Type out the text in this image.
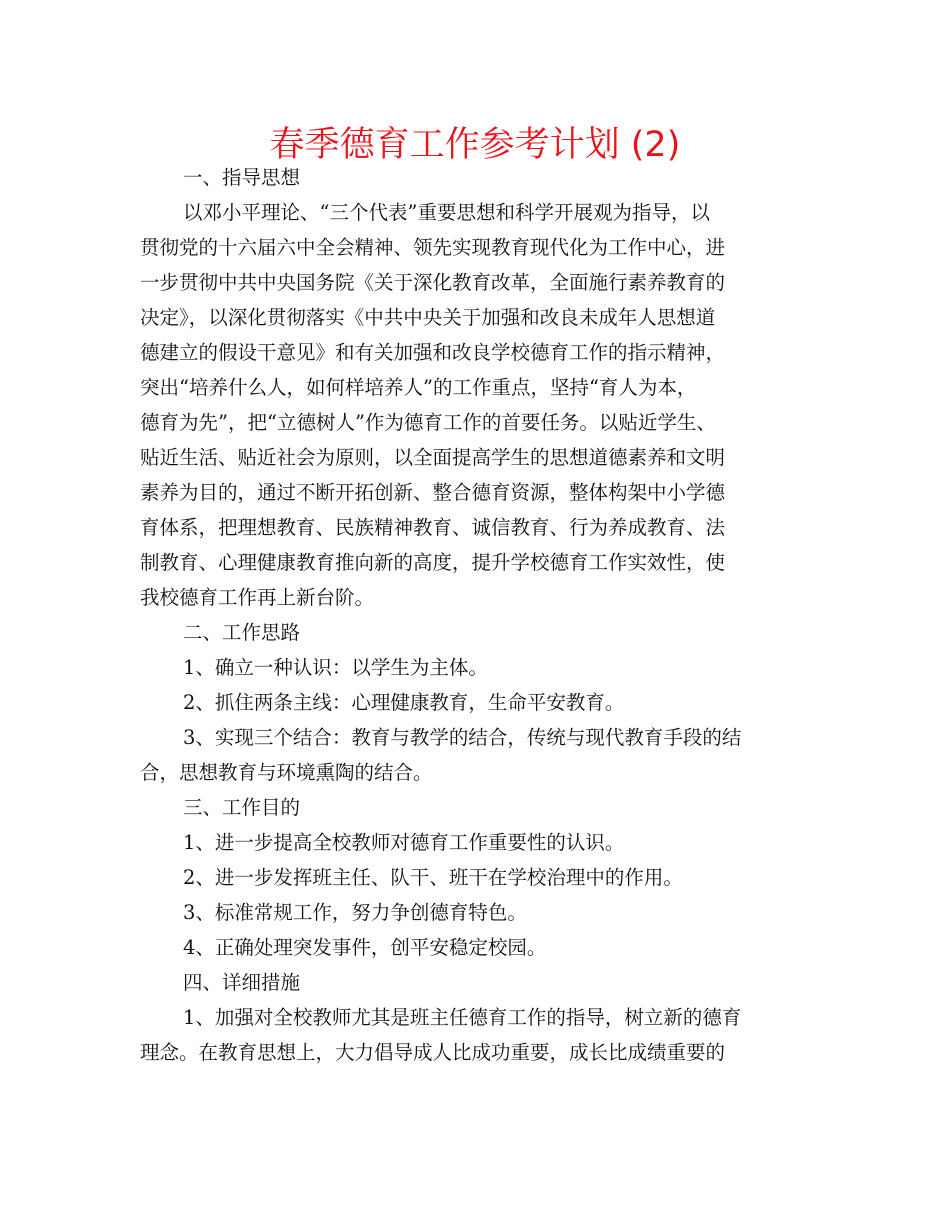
春季德育工作参考计划 (2)
一、指导思想
以邓小平理论、“三个代表”重要思想和科学开展观为指导，以
贯彻党的十六届六中全会精神、领先实现教育现代化为工作中心，进
一步贯彻中共中央国务院《关于深化教育改革，全面施行素养教育的
决定》，以深化贯彻落实《中共中央关于加强和改良未成年人思想道
德建立的假设干意见》和有关加强和改良学校德育工作的指示精神，
突出“培养什么人，如何样培养人”的工作重点，坚持“育人为本，
德育为先”，把“立德树人”作为德育工作的首要任务。以贴近学生、
贴近生活、贴近社会为原则，以全面提高学生的思想道德素养和文明
素养为目的，通过不断开拓创新、整合德育资源，整体构架中小学德
育体系，把理想教育、民族精神教育、诚信教育、行为养成教育、法
制教育、心理健康教育推向新的高度，提升学校德育工作实效性，使
我校德育工作再上新台阶。
二、工作思路
1、确立一种认识：以学生为主体。
2、抓住两条主线：心理健康教育，生命平安教育。
3、实现三个结合：教育与教学的结合，传统与现代教育手段的结
合，思想教育与环境熏陶的结合。
三、工作目的
1、进一步提高全校教师对德育工作重要性的认识。
2、进一步发挥班主任、队干、班干在学校治理中的作用。
3、标准常规工作，努力争创德育特色。
4、正确处理突发事件，创平安稳定校园。
四、详细措施
1、加强对全校教师尤其是班主任德育工作的指导，树立新的德育
理念。在教育思想上，大力倡导成人比成功重要，成长比成绩重要的
